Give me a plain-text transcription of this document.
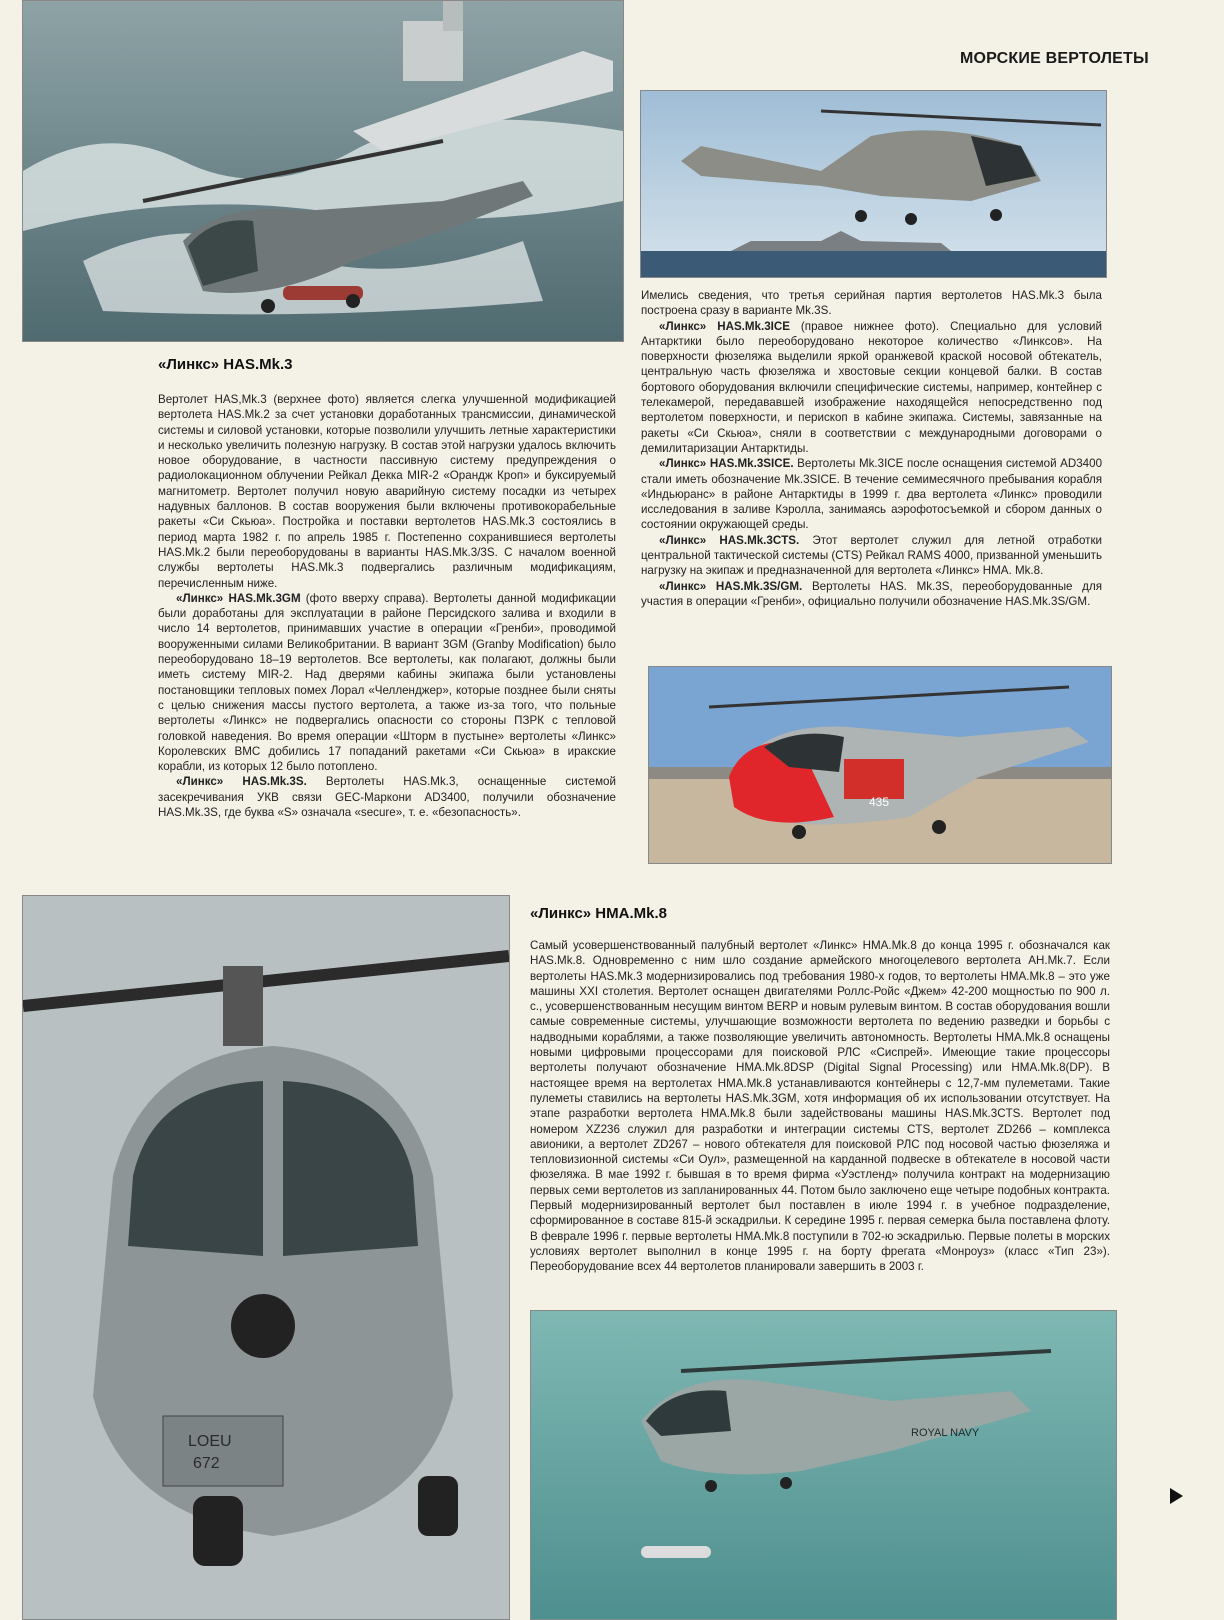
МОРСКИЕ ВЕРТОЛЕТЫ
«Линкс» HAS.Mk.3

Вертолет HAS,Mk.3 (верхнее фото) является слегка улучшенной модификацией вертолета HAS.Mk.2 за счет установки доработанных трансмиссии, динамической системы и силовой установки, которые позволили улучшить летные характеристики и несколько увеличить полезную нагрузку. В состав этой нагрузки удалось включить новое оборудование, в частности пассивную систему предупреждения о радиолокационном облучении Рейкал Декка MIR-2 «Орандж Кроп» и буксируемый магнитометр. Вертолет получил новую аварийную систему посадки из четырех надувных баллонов. В состав вооружения были включены противокорабельные ракеты «Си Скьюа». Постройка и поставки вертолетов HAS.Mk.3 состоялись в период марта 1982 г. по апрель 1985 г. Постепенно сохранившиеся вертолеты HAS.Mk.2 были переоборудованы в варианты HAS.Mk.3/3S. С началом военной службы вертолеты HAS.Mk.3 подвергались различным модификациям, перечисленным ниже.

«Линкс» HAS.Mk.3GM (фото вверху справа). Вертолеты данной модификации были доработаны для эксплуатации в районе Персидского залива и входили в число 14 вертолетов, принимавших участие в операции «Гренби», проводимой вооруженными силами Великобритании. В вариант 3GM (Granby Modification) было переоборудовано 18–19 вертолетов. Все вертолеты, как полагают, должны были иметь систему MIR-2. Над дверями кабины экипажа были установлены постановщики тепловых помех Лорал «Челленджер», которые позднее были сняты с целью снижения массы пустого вертолета, а также из-за того, что польные вертолеты «Линкс» не подвергались опасности со стороны ПЗРК с тепловой головкой наведения. Во время операции «Шторм в пустыне» вертолеты «Линкс» Королевских ВМС добились 17 попаданий ракетами «Си Скьюа» в иракские корабли, из которых 12 было потоплено.

«Линкс» HAS.Mk.3S. Вертолеты HAS.Mk.3, оснащенные системой засекречивания УКВ связи GEC-Маркони AD3400, получили обозначение HAS.Mk.3S, где буква «S» означала «secure», т. е. «безопасность».

Имелись сведения, что третья серийная партия вертолетов HAS.Mk.3 была построена сразу в варианте Mk.3S.

«Линкс» HAS.Mk.3ICE (правое нижнее фото). Специально для условий Антарктики было переоборудовано некоторое количество «Линксов». На поверхности фюзеляжа выделили яркой оранжевой краской носовой обтекатель, центральную часть фюзеляжа и хвостовые секции концевой балки. В состав бортового оборудования включили специфические системы, например, контейнер с телекамерой, передававшей изображение находящейся непосредственно под вертолетом поверхности, и перископ в кабине экипажа. Системы, завязанные на ракеты «Си Скьюа», сняли в соответствии с международными договорами о демилитаризации Антарктиды.

«Линкс» HAS.Mk.3SICE. Вертолеты Mk.3ICE после оснащения системой AD3400 стали иметь обозначение Mk.3SICE. В течение семимесячного пребывания корабля «Индьюранс» в районе Антарктиды в 1999 г. два вертолета «Линкс» проводили исследования в заливе Кэролла, занимаясь аэрофотосъемкой и сбором данных о состоянии окружающей среды.

«Линкс» HAS.Mk.3CTS. Этот вертолет служил для летной отработки центральной тактической системы (CTS) Рейкал RAMS 4000, призванной уменьшить нагрузку на экипаж и предназначенной для вертолета «Линкс» HMA. Mk.8.

«Линкс» HAS.Mk.3S/GM. Вертолеты HAS. Mk.3S, переоборудованные для участия в операции «Гренби», официально получили обозначение HAS.Mk.3S/GM.

435
LOEU
672
«Линкс» HMA.Mk.8

Самый усовершенствованный палубный вертолет «Линкс» HMA.Mk.8 до конца 1995 г. обозначался как HAS.Mk.8. Одновременно с ним шло создание армейского многоцелевого вертолета AH.Mk.7. Если вертолеты HAS.Mk.3 модернизировались под требования 1980-х годов, то вертолеты HMA.Mk.8 – это уже машины XXI столетия. Вертолет оснащен двигателями Роллс-Ройс «Джем» 42-200 мощностью по 900 л. с., усовершенствованным несущим винтом BERP и новым рулевым винтом. В состав оборудования вошли самые современные системы, улучшающие возможности вертолета по ведению разведки и борьбы с надводными кораблями, а также позволяющие увеличить автономность. Вертолеты HMA.Mk.8 оснащены новыми цифровыми процессорами для поисковой РЛС «Сиспрей». Имеющие такие процессоры вертолеты получают обозначение HMA.Mk.8DSP (Digital Signal Processing) или HMA.Mk.8(DP). В настоящее время на вертолетах HMA.Mk.8 устанавливаются контейнеры с 12,7-мм пулеметами. Такие пулеметы ставились на вертолеты HAS.Mk.3GM, хотя информация об их использовании отсутствует. На этапе разработки вертолета HMA.Mk.8 были задействованы машины HAS.Mk.3CTS. Вертолет под номером XZ236 служил для разработки и интеграции системы CTS, вертолет ZD266 – комплекса авионики, а вертолет ZD267 – нового обтекателя для поисковой РЛС под носовой частью фюзеляжа и тепловизионной системы «Си Оул», размещенной на карданной подвеске в обтекателе в носовой части фюзеляжа. В мае 1992 г. бывшая в то время фирма «Уэстленд» получила контракт на модернизацию первых семи вертолетов из запланированных 44. Потом было заключено еще четыре подобных контракта. Первый модернизированный вертолет был поставлен в июле 1994 г. в учебное подразделение, сформированное в составе 815-й эскадрильи. К середине 1995 г. первая семерка была поставлена флоту. В феврале 1996 г. первые вертолеты HMA.Mk.8 поступили в 702-ю эскадрилью. Первые полеты в морских условиях вертолет выполнил в конце 1995 г. на борту фрегата «Монроуз» (класс «Тип 23»). Переоборудование всех 44 вертолетов планировали завершить в 2003 г.

ROYAL NAVY
